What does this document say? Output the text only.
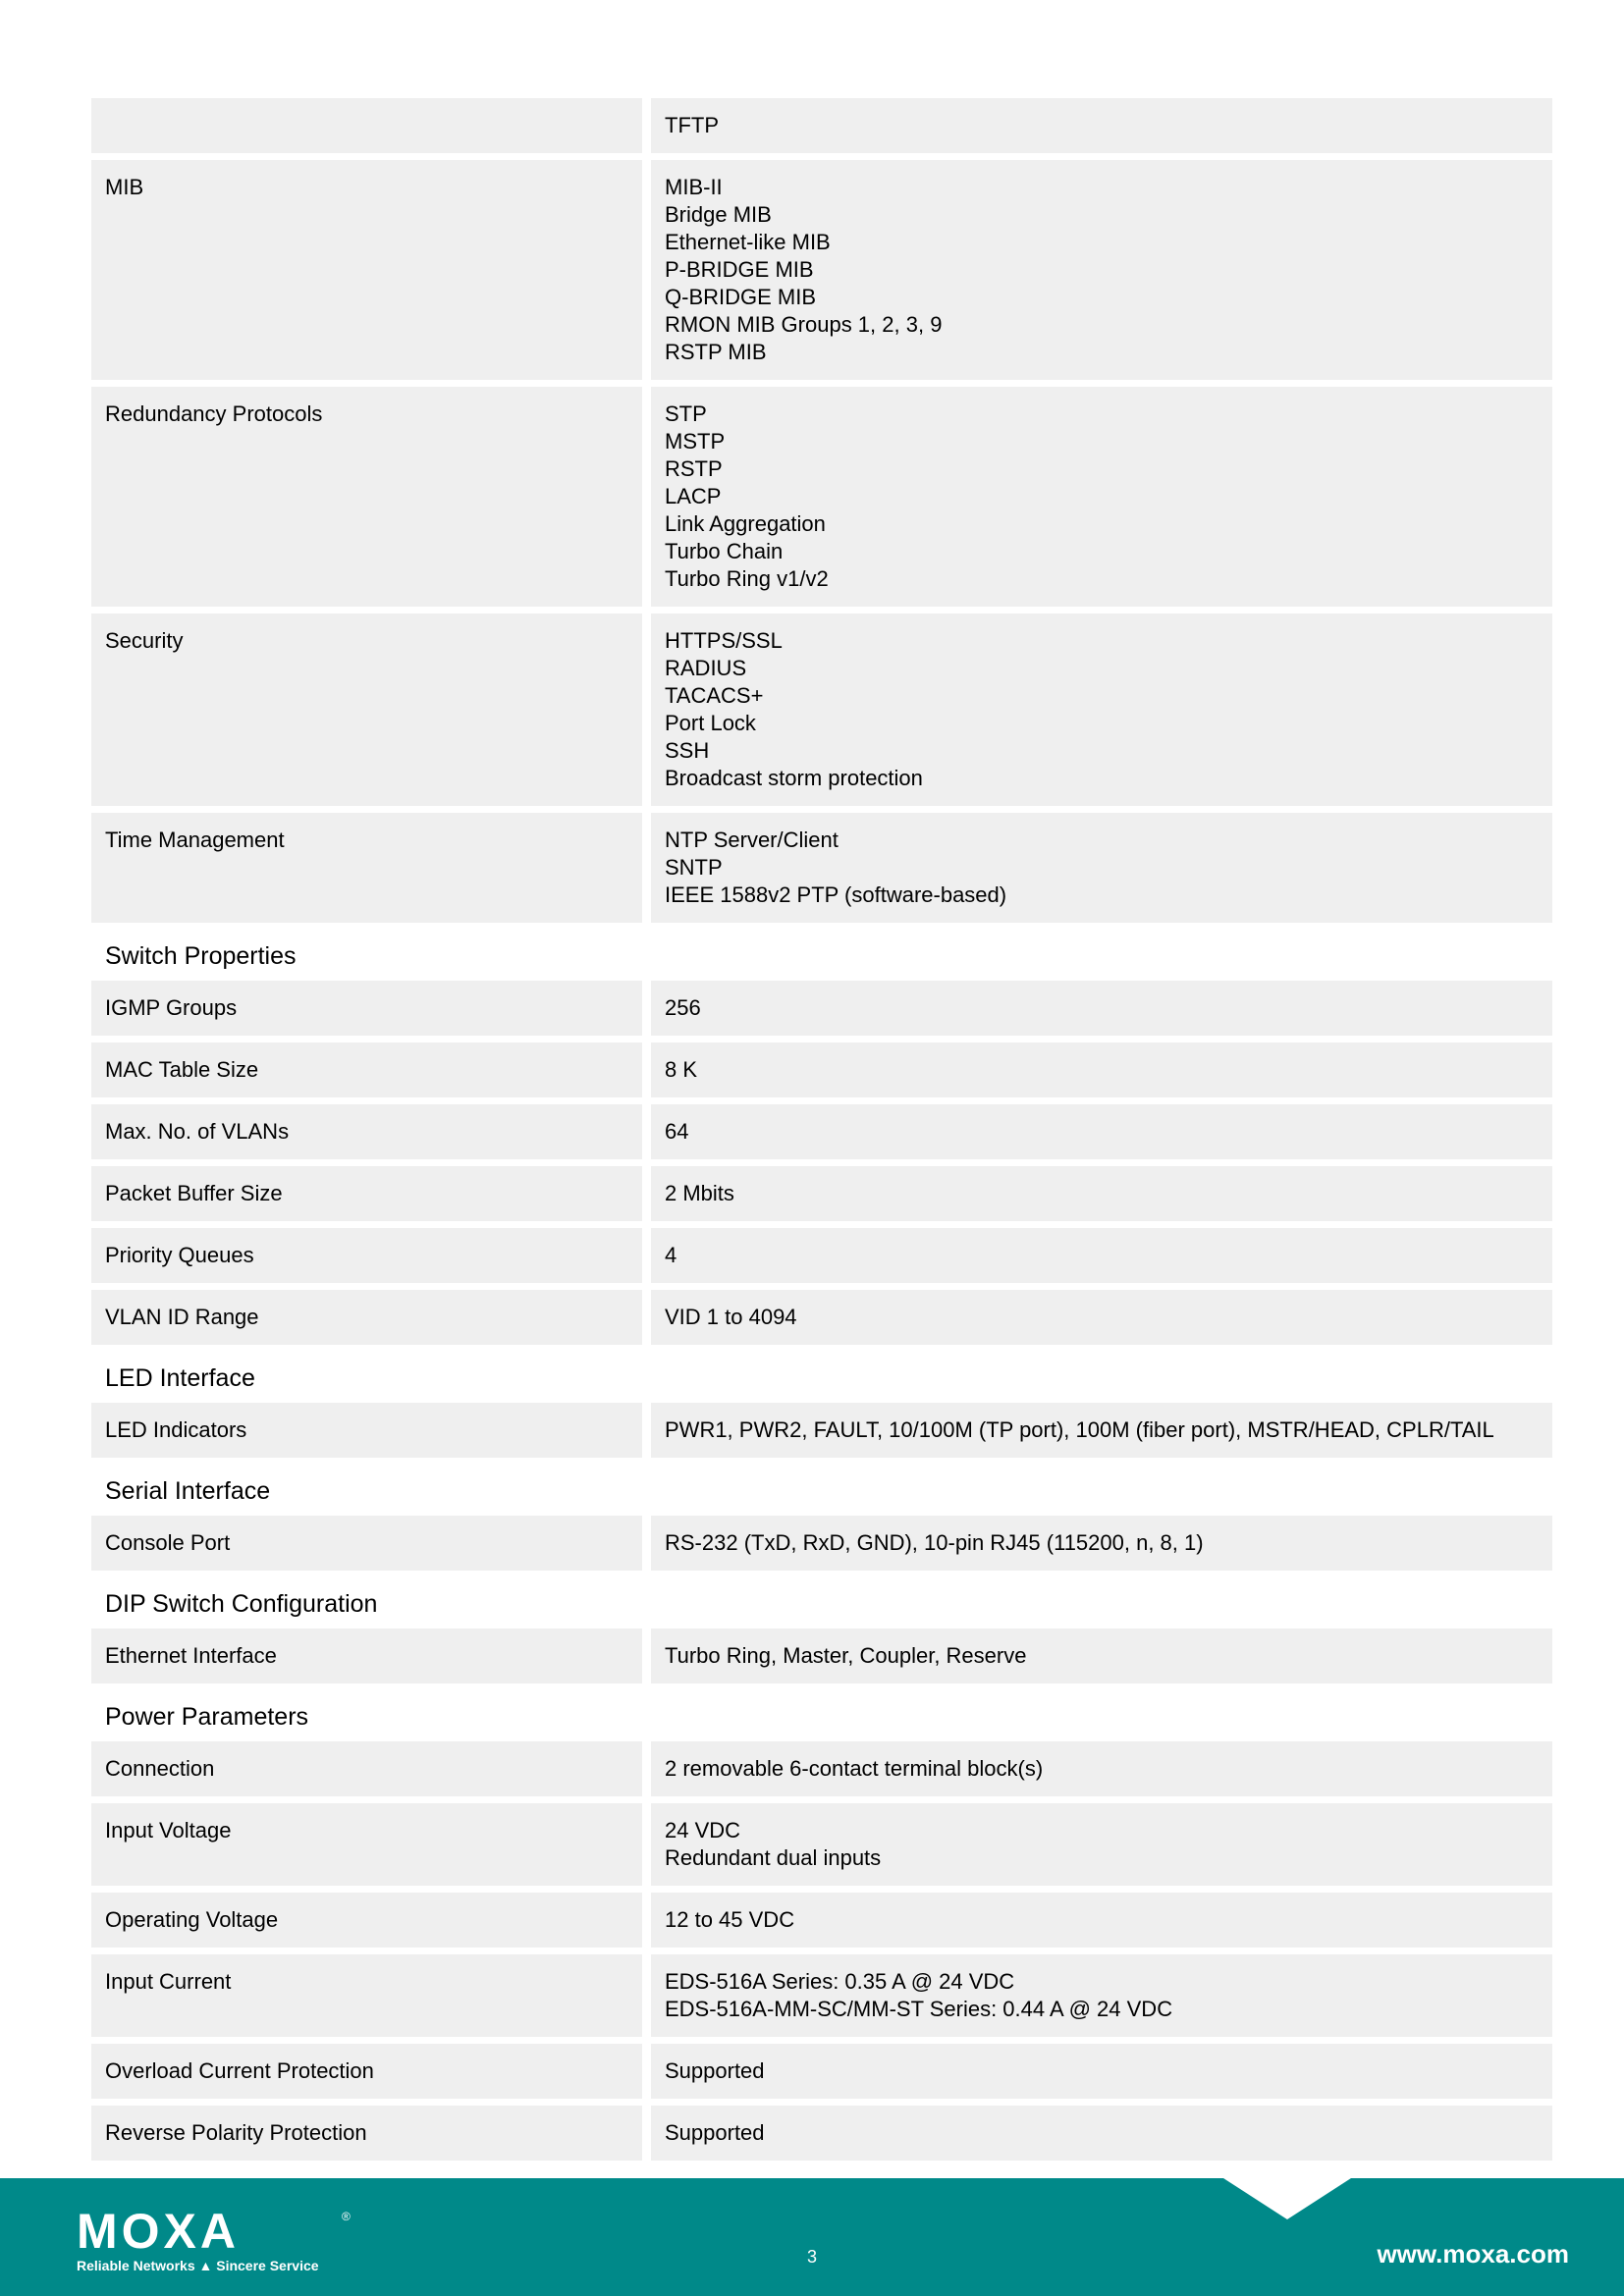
TFTP
MIB	MIB-II
Bridge MIB
Ethernet-like MIB
P-BRIDGE MIB
Q-BRIDGE MIB
RMON MIB Groups 1, 2, 3, 9
RSTP MIB
Redundancy Protocols	STP
MSTP
RSTP
LACP
Link Aggregation
Turbo Chain
Turbo Ring v1/v2
Security	HTTPS/SSL
RADIUS
TACACS+
Port Lock
SSH
Broadcast storm protection
Time Management	NTP Server/Client
SNTP
IEEE 1588v2 PTP (software-based)
Switch Properties
IGMP Groups	256
MAC Table Size	8 K
Max. No. of VLANs	64
Packet Buffer Size	2 Mbits
Priority Queues	4
VLAN ID Range	VID 1 to 4094
LED Interface
LED Indicators	PWR1, PWR2, FAULT, 10/100M (TP port), 100M (fiber port), MSTR/HEAD, CPLR/TAIL
Serial Interface
Console Port	RS-232 (TxD, RxD, GND), 10-pin RJ45 (115200, n, 8, 1)
DIP Switch Configuration
Ethernet Interface	Turbo Ring, Master, Coupler, Reserve
Power Parameters
Connection	2 removable 6-contact terminal block(s)
Input Voltage	24 VDC
Redundant dual inputs
Operating Voltage	12 to 45 VDC
Input Current	EDS-516A Series: 0.35 A @ 24 VDC
EDS-516A-MM-SC/MM-ST Series: 0.44 A @ 24 VDC
Overload Current Protection	Supported
Reverse Polarity Protection	Supported
MOXA	®
Reliable Networks ▲ Sincere Service	3	www.moxa.com
